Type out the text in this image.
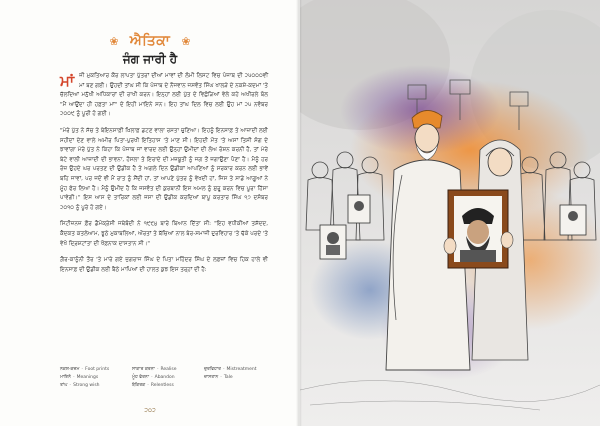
❀ ਐਤਿਕਾ ❀
ਜੰਗ ਜਾਰੀ ਹੈ

ਮਾਂਜੀ ਮੁਕਤਿਆਰ ਕੌਰ ਲਾਪਤਾ ਪੁੱਤਰਾਂ ਦੀਆਂ ਮਾਵਾਂ ਦੀ ਲੰਮੀ ਲਿਸਟ ਵਿਚ ਪੰਜਾਬ ਦੀ ੨੫੦੦੦ਵੀਂ ਮਾਂ ਬਣ ਗਈ। ਉਹਦੀ ਤਾਂਘ ਸੀ ਕਿ ਪੰਜਾਬ ਦੇ ਨੌਜਵਾਨ ਜਸਵੰਤ ਸਿੰਘ ਖਾਲੜੇ ਦੇ ਨਕਸ਼ੇ-ਕਦਮਾਂ 'ਤੇ ਚੱਲਦਿਆਂ ਮਨੁੱਖੀ ਅਧਿਕਾਰਾਂ ਦੀ ਰਾਖੀ ਕਰਨ। ਇਨ੍ਹਾਂ ਲਈ ਪੁੱਤ ਦੇ ਵਿਛੋੜਿਆਂ ਵੇਲੇ ਕਹੇ ਅਖੀਰਲੇ ਬੋਲ "ਮੈਂ ਆਉਂਦਾ ਹੀ ਹਫ਼ਤਾ ਮਾਂ" ਦੇ ਇਹੀ ਮਾਇਨੇ ਸਨ। ਇਹ ਤਾਂਘ ਦਿਲ ਵਿਚ ਲਈ ਉਹ ਮਾਂ ੨੫ ਨਵੰਬਰ ੨੦੦੯ ਨੂੰ ਪੂਰੀ ਹੋ ਗਈ।

"ਮੇਰੇ ਪੁੱਤ ਨੇ ਸੱਚ ਤੇ ਬੇਇਨਸਾਫ਼ੀ ਖ਼ਿਲਾਫ਼ ਡਟਣ ਵਾਲਾ ਰਸਤਾ ਚੁਣਿਆ। ਇਹਨੂੰ ਇਨਸਾਫ਼ ਤੇ ਆਜ਼ਾਦੀ ਲਈ ਸਹੀਦਾਂ ਦੇਣ ਵਾਲੇ ਅਮੀਰ ਪਿਤਾ-ਪੁਰਖੀ ਇਤਿਹਾਸ 'ਤੇ ਮਾਣ ਸੀ। ਇਹਦੀ ਮੌਤ 'ਤੇ ਅਸਾਂ ਤਿਸੀ ਸੋਗ ਦੇ ਝਾਵਾਂਗਾ ਮੇਰੇ ਪੁੱਤ ਨੇ ਕਿਹਾ ਕਿ ਪੰਜਾਬ ਜਾਂ ਵਾਰਦ ਲਈ ਉਨ੍ਹਾਂ ਉਮੀਦਾਂ ਦੀ ਲੋਅ ਰੋਸ਼ਨ ਕਰਨੀ ਹੈ, ਤਾਂ ਮੇਰੇ ਬੇਟੇ ਵਾਲੀ ਆਜ਼ਾਦੀ ਦੀ ਭਾਵਨਾ, ਹੌਸਲਾ ਤੇ ਇਰਾਦੇ ਦੀ ਮਜ਼ਬੂਤੀ ਨੂੰ ਜਗ ਤੋਂ ਜਗਾਉਣਾ ਪੈਣਾ ਹੈ। ਮੈਨੂੰ ਹਰ ਰੋਜ਼ ਉਹਦੇ ਘਰ ਪਰਤਣ ਦੀ ਉਡੀਕ ਹੈ ਤੇ ਅਗਲੇ ਦਿਨ ਉਡੀਕਾਂ ਆਪਣਿਆਂ ਨੂੰ ਸਰਕਾਰ ਕਰਨ ਲਈ ਭਾਵੇਂ ਬਹਿ ਜਾਵਾਂ, ਪਰ ਜਦੋਂ ਵੀ ਮੈਂ ਰਾਤ ਨੂੰ ਸੌਂਦੀ ਹਾਂ, ਤਾਂ ਆਪਣੇ ਪੁੱਤਰ ਨੂੰ ਵੇਖਦੀ ਹਾਂ, ਜਿਸ ਤੇ ਸਾਡੇ ਆਗੂਆਂ ਨੇ ਮੂੰਹ ਫੇਰ ਲਿਆ ਹੈ। ਮੈਨੂੰ ਉਮੀਦ ਹੈ ਕਿ ਜਸਵੰਤ ਦੀ ਕੁਰਬਾਨੀ ਇਸ ਅਮਲ ਨੂੰ ਸ਼ੁਰੂ ਕਰਨ ਵਿਚ ਪੂਰਾ ਹਿੱਸਾ ਪਾਵੇਗੀ।" ਇਸ ਆਸ ਦੇ ਤਾਰਿਕਾਂ ਲਈ ਜਸਾ ਦੀ ਉਡੀਕ ਕਰਦਿਆਂ ਬਾਪੂ ਕਰਤਾਰ ਸਿੰਘ ੧੭ ਦਸੰਬਰ ੨੦੧੦ ਨੂੰ ਪੂਰੇ ਹੋ ਗਏ।

ਸਿਟੀਜ਼ਨਜ਼ ਫ਼ੌਰ ਡੈਮੋਕ੍ਰੇਸੀ ਜਥੇਬੰਦੀ ਨੇ ੧੯੯੪ ਬਾਰੇ ਬਿਆਨ ਦਿੱਤਾ ਸੀ: "ਇਹ ਵਧੀਕੀਆਂ ਤਸ਼ੱਦਦ, ਕੈਦਕਤ ਕਤਲੇਆਮ, ਝੂਠੇ ਮੁਕਾਬਲਿਆਂ, ਔਰਤਾਂ ਤੇ ਬੱਚਿਆਂ ਨਾਲ ਬੇਰ-ਸਮਾਜੀ ਦੁਰਵਿਹਾਰ 'ਤੇ ਢੱਕੇ ਪਰਦੇ 'ਤੇ ਵੇਖੋ ਦ੍ਰਿਸ਼ਟਾਂਤਾ ਦੀ ਖੌਫ਼ਨਾਕ ਦਾਸਤਾਨ ਸੀ।"

ਗ਼ੈਰ-ਕਾਨੂੰਨੀ ਤੌਰ 'ਤੇ ਮਾਰੇ ਗਏ ਜੁਗਰਾਜ ਸਿੰਘ ਦੇ ਪਿਤਾ ਮਹਿੰਦਰ ਸਿੰਘ ਦੇ ਲਫ਼ਜ਼ਾਂ ਵਿਚ ਹਿਕ ਹਾਲੇ ਵੀ ਇਨਸਾਫ਼ ਦੀ ਉਡੀਕ ਲਈ ਬੈਠੇ ਮਾਪਿਆਂ ਦੀ ਹਾਲਤ ਕੁਝ ਇਸ ਤਰ੍ਹਾਂ ਦੀ ਹੈ:

ਨਕਸ਼-ਕਦਮ - Foot prints	ਸਾਕਾਰ ਕਰਨਾ - Realise	ਦੁਰਵਿਹਾਰ - Mistreatment
ਮਾਇਨੇ - Meanings	ਮੂੰਹ ਫੇਰਨਾ - Abandon	ਦਾਸਤਾਨ - Tale
ਤਾਂਘ - Strong wish	ਬੇਕਿਰਕ - Relentless
੨੦੨
